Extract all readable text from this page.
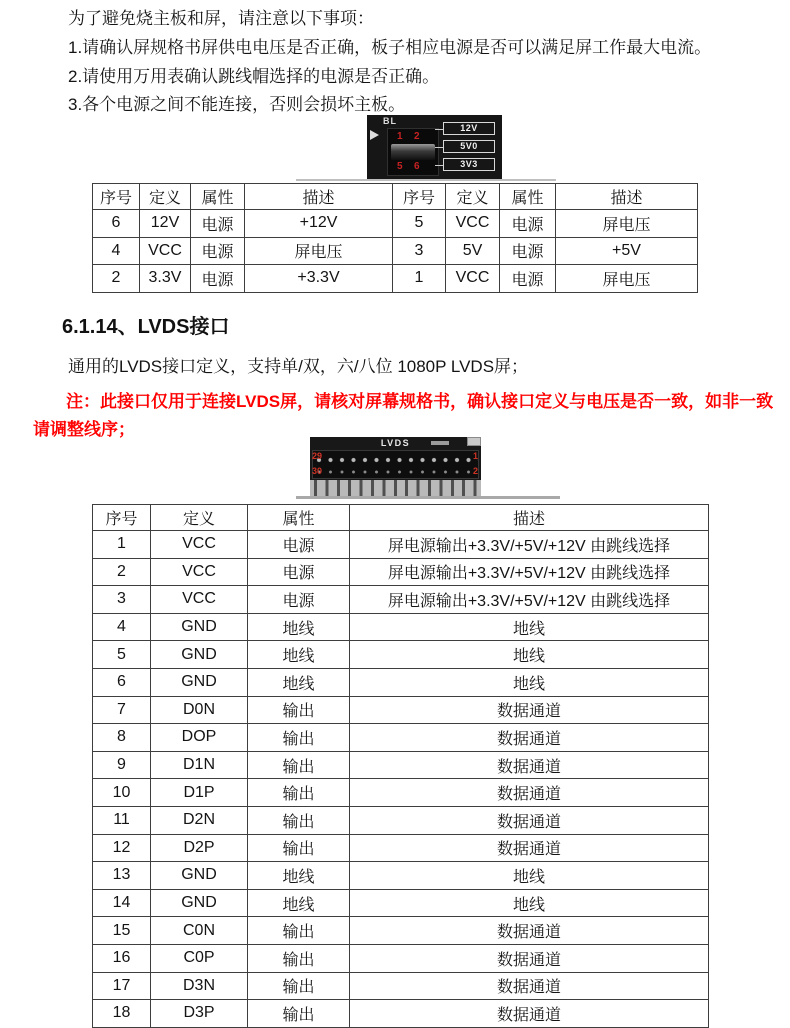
为了避免烧主板和屏，请注意以下事项：
1.请确认屏规格书屏供电电压是否正确，板子相应电源是否可以满足屏工作最大电流。
2.请使用万用表确认跳线帽选择的电源是否正确。
3.各个电源之间不能连接，否则会损坏主板。
BL
1 2
5 6
12V
5V0
3V3
序号	定义	属性	描述	序号	定义	属性	描述
6	12V	电源	+12V	5	VCC	电源	屏电压
4	VCC	电源	屏电压	3	5V	电源	+5V
2	3.3V	电源	+3.3V	1	VCC	电源	屏电压
6.1.14、LVDS接口
通用的LVDS接口定义，支持单/双，六/八位 1080P LVDS屏；
注：此接口仅用于连接LVDS屏，请核对屏幕规格书，确认接口定义与电压是否一致，如非一致
请调整线序；
LVDS
29	1
30	2
序号	定义	属性	描述
1	VCC	电源	屏电源输出+3.3V/+5V/+12V 由跳线选择
2	VCC	电源	屏电源输出+3.3V/+5V/+12V 由跳线选择
3	VCC	电源	屏电源输出+3.3V/+5V/+12V 由跳线选择
4	GND	地线	地线
5	GND	地线	地线
6	GND	地线	地线
7	D0N	输出	数据通道
8	DOP	输出	数据通道
9	D1N	输出	数据通道
10	D1P	输出	数据通道
11	D2N	输出	数据通道
12	D2P	输出	数据通道
13	GND	地线	地线
14	GND	地线	地线
15	C0N	输出	数据通道
16	C0P	输出	数据通道
17	D3N	输出	数据通道
18	D3P	输出	数据通道
